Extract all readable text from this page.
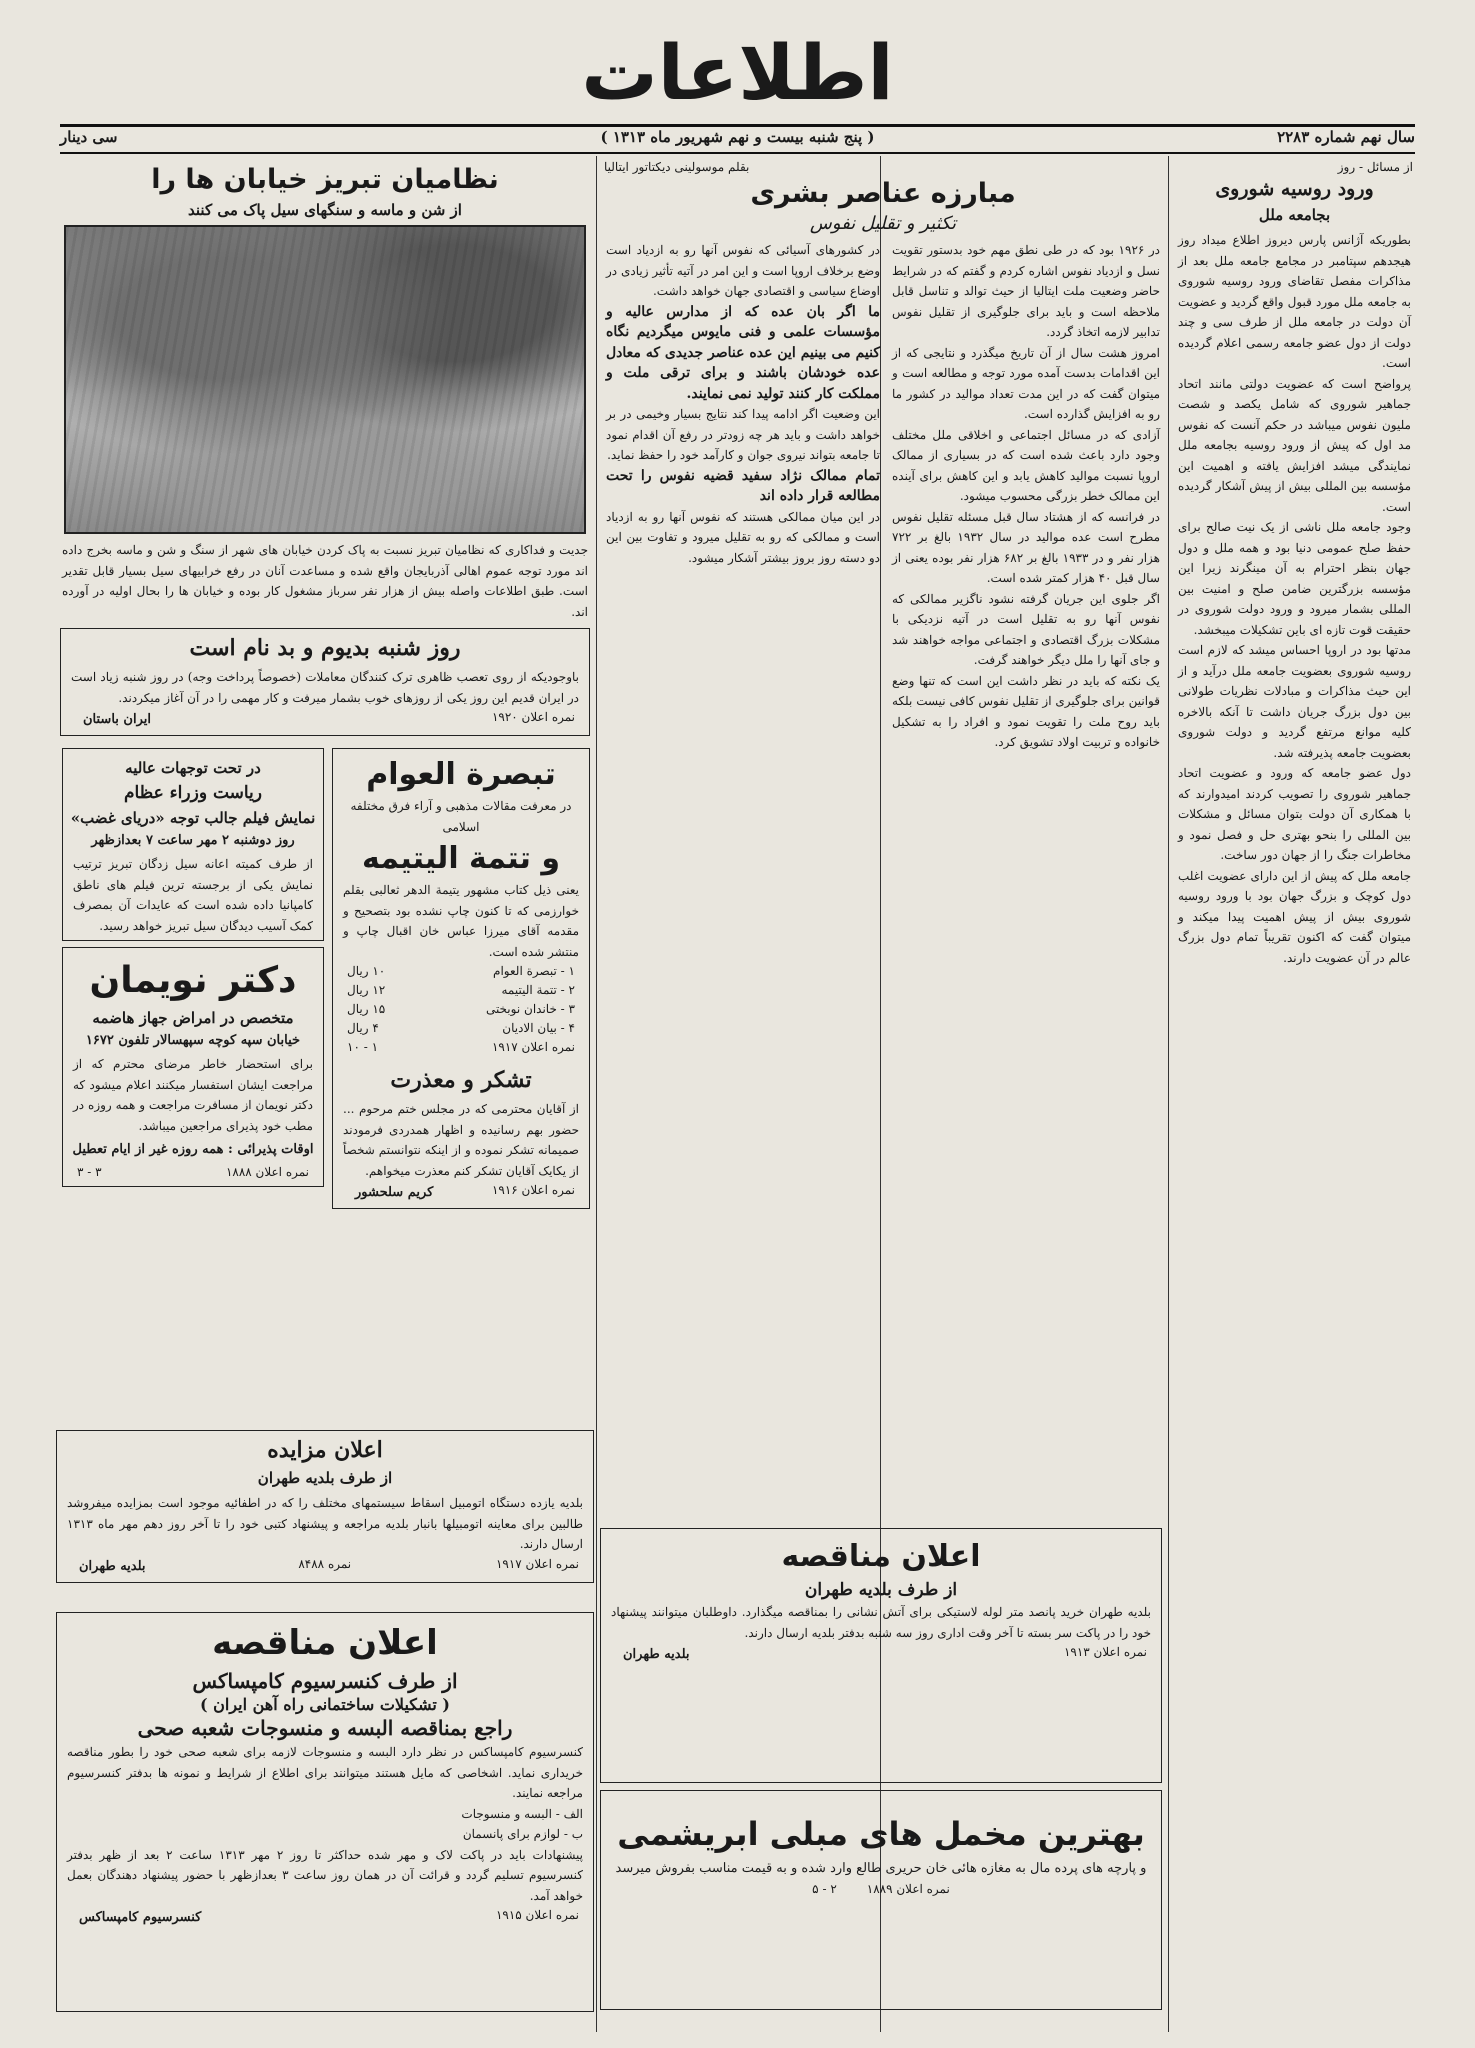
اطلاعات
سال نهم شماره ۲۲۸۳
( پنج شنبه بیست و نهم شهریور ماه ۱۳۱۳ )
سی دینار
از مسائل - روز
ورود روسیه شوروی
بجامعه ملل
بطوریکه آژانس پارس دیروز اطلاع میداد روز هیجدهم سپتامبر در مجامع جامعه ملل بعد از مذاکرات مفصل تقاضای ورود روسیه شوروی به جامعه ملل مورد قبول واقع گردید و عضویت آن دولت در جامعه ملل از طرف سی و چند دولت از دول عضو جامعه رسمی اعلام گردیده است.
پرواضح است که عضویت دولتی مانند اتحاد جماهیر شوروی که شامل یکصد و شصت ملیون نفوس میباشد در حکم آنست که نفوس مد اول که پیش از ورود روسیه بجامعه ملل نمایندگی میشد افزایش یافته و اهمیت این مؤسسه بین المللی بیش از پیش آشکار گردیده است.
وجود جامعه ملل ناشی از یک نیت صالح برای حفظ صلح عمومی دنیا بود و همه ملل و دول جهان بنظر احترام به آن مینگرند زیرا این مؤسسه بزرگترین ضامن صلح و امنیت بین المللی بشمار میرود و ورود دولت شوروی در حقیقت قوت تازه ای باین تشکیلات میبخشد.
مدتها بود در اروپا احساس میشد که لازم است روسیه شوروی بعضویت جامعه ملل درآید و از این حیث مذاکرات و مبادلات نظریات طولانی بین دول بزرگ جریان داشت تا آنکه بالاخره کلیه موانع مرتفع گردید و دولت شوروی بعضویت جامعه پذیرفته شد.
دول عضو جامعه که ورود و عضویت اتحاد جماهیر شوروی را تصویب کردند امیدوارند که با همکاری آن دولت بتوان مسائل و مشکلات بین المللی را بنحو بهتری حل و فصل نمود و مخاطرات جنگ را از جهان دور ساخت.
جامعه ملل که پیش از این دارای عضویت اغلب دول کوچک و بزرگ جهان بود با ورود روسیه شوروی بیش از پیش اهمیت پیدا میکند و میتوان گفت که اکنون تقریباً تمام دول بزرگ عالم در آن عضویت دارند.
بقلم موسولینی دیکتاتور ایتالیا
مبارزه عناصر بشری
تکثیر و تقلیل نفوس
در ۱۹۲۶ بود که در طی نطق مهم خود بدستور تقویت نسل و ازدیاد نفوس اشاره کردم و گفتم که در شرایط حاضر وضعیت ملت ایتالیا از حیث توالد و تناسل قابل ملاحظه است و باید برای جلوگیری از تقلیل نفوس تدابیر لازمه اتخاذ گردد.
امروز هشت سال از آن تاریخ میگذرد و نتایجی که از این اقدامات بدست آمده مورد توجه و مطالعه است و میتوان گفت که در این مدت تعداد موالید در کشور ما رو به افزایش گذارده است.
آزادی که در مسائل اجتماعی و اخلاقی ملل مختلف وجود دارد باعث شده است که در بسیاری از ممالک اروپا نسبت موالید کاهش یابد و این کاهش برای آینده این ممالک خطر بزرگی محسوب میشود.
در فرانسه که از هشتاد سال قبل مسئله تقلیل نفوس مطرح است عده موالید در سال ۱۹۳۲ بالغ بر ۷۲۲ هزار نفر و در ۱۹۳۳ بالغ بر ۶۸۲ هزار نفر بوده یعنی از سال قبل ۴۰ هزار کمتر شده است.
اگر جلوی این جریان گرفته نشود ناگزیر ممالکی که نفوس آنها رو به تقلیل است در آتیه نزدیکی با مشکلات بزرگ اقتصادی و اجتماعی مواجه خواهند شد و جای آنها را ملل دیگر خواهند گرفت.
یک نکته که باید در نظر داشت این است که تنها وضع قوانین برای جلوگیری از تقلیل نفوس کافی نیست بلکه باید روح ملت را تقویت نمود و افراد را به تشکیل خانواده و تربیت اولاد تشویق کرد.
در کشورهای آسیائی که نفوس آنها رو به ازدیاد است وضع برخلاف اروپا است و این امر در آتیه تأثیر زیادی در اوضاع سیاسی و اقتصادی جهان خواهد داشت.
ما اگر بان عده که از مدارس عالیه و مؤسسات علمی و فنی مایوس میگردیم نگاه کنیم می بینیم این عده عناصر جدیدی که معادل عده خودشان باشند و برای ترقی ملت و مملکت کار کنند تولید نمی نمایند.
این وضعیت اگر ادامه پیدا کند نتایج بسیار وخیمی در بر خواهد داشت و باید هر چه زودتر در رفع آن اقدام نمود تا جامعه بتواند نیروی جوان و کارآمد خود را حفظ نماید.
تمام ممالک نژاد سفید قضیه نفوس را تحت مطالعه قرار داده اند
در این میان ممالکی هستند که نفوس آنها رو به ازدیاد است و ممالکی که رو به تقلیل میرود و تفاوت بین این دو دسته روز بروز بیشتر آشکار میشود.
نظامیان تبریز خیابان ها را
از شن و ماسه و سنگهای سیل پاک می کنند
جدیت و فداکاری که نظامیان تبریز نسبت به پاک کردن خیابان های شهر از سنگ و شن و ماسه بخرج داده اند مورد توجه عموم اهالی آذربایجان واقع شده و مساعدت آنان در رفع خرابیهای سیل بسیار قابل تقدیر است. طبق اطلاعات واصله بیش از هزار نفر سرباز مشغول کار بوده و خیابان ها را بحال اولیه در آورده اند.
روز شنبه بدیوم و بد نام است
باوجودیکه از روی تعصب ظاهری ترک کنندگان معاملات (خصوصاً پرداخت وجه) در روز شنبه زیاد است در ایران قدیم این روز یکی از روزهای خوب بشمار میرفت و کار مهمی را در آن آغاز میکردند.
نمره اعلان ۱۹۲۰
ایران باستان
تبصرة العوام
در معرفت مقالات مذهبی و آراء فرق مختلفه اسلامی
و تتمة الیتیمه
یعنی ذیل کتاب مشهور یتیمة الدهر ثعالبی بقلم خوارزمی که تا کنون چاپ نشده بود بتصحیح و مقدمه آقای میرزا عباس خان اقبال چاپ و منتشر شده است.
۱ - تبصرة العوام
۱۰ ریال
۲ - تتمة الیتیمه
۱۲ ریال
۳ - خاندان نوبختی
۱۵ ریال
۴ - بیان الادیان
۴ ریال
نمره اعلان ۱۹۱۷
۱ - ۱۰
تشکر و معذرت
از آقایان محترمی که در مجلس ختم مرحوم ... حضور بهم رسانیده و اظهار همدردی فرمودند صمیمانه تشکر نموده و از اینکه نتوانستم شخصاً از یکایک آقایان تشکر کنم معذرت میخواهم.
نمره اعلان ۱۹۱۶
کریم سلحشور
در تحت توجهات عالیه
ریاست وزراء عظام
نمایش فیلم جالب توجه «دریای غضب»
روز دوشنبه ۲ مهر ساعت ۷ بعدازظهر
از طرف کمیته اعانه سیل زدگان تبریز ترتیب نمایش یکی از برجسته ترین فیلم های ناطق کامپانیا داده شده است که عایدات آن بمصرف کمک آسیب دیدگان سیل تبریز خواهد رسید.
دکتر نویمان
متخصص در امراض جهاز هاضمه
خیابان سپه کوچه سپهسالار تلفون ۱۶۷۲
برای استحضار خاطر مرضای محترم که از مراجعت ایشان استفسار میکنند اعلام میشود که دکتر نویمان از مسافرت مراجعت و همه روزه در مطب خود پذیرای مراجعین میباشد.
اوقات پذیرائی : همه روزه غیر از ایام تعطیل
نمره اعلان ۱۸۸۸
۳ - ۳
اعلان مزایده
از طرف بلدیه طهران
بلدیه یازده دستگاه اتومبیل اسقاط سیستمهای مختلف را که در اطفائیه موجود است بمزایده میفروشد طالبین برای معاینه اتومبیلها بانبار بلدیه مراجعه و پیشنهاد کتبی خود را تا آخر روز دهم مهر ماه ۱۳۱۳ ارسال دارند.
نمره اعلان ۱۹۱۷
نمره ۸۴۸۸
بلدیه طهران
اعلان مناقصه
از طرف کنسرسیوم کامپساکس
( تشکیلات ساختمانی راه آهن ایران )
راجع بمناقصه البسه و منسوجات شعبه صحی
کنسرسیوم کامپساکس در نظر دارد البسه و منسوجات لازمه برای شعبه صحی خود را بطور مناقصه خریداری نماید. اشخاصی که مایل هستند میتوانند برای اطلاع از شرایط و نمونه ها بدفتر کنسرسیوم مراجعه نمایند.
الف - البسه و منسوجات
ب - لوازم برای پانسمان
پیشنهادات باید در پاکت لاک و مهر شده حداکثر تا روز ۲ مهر ۱۳۱۳ ساعت ۲ بعد از ظهر بدفتر کنسرسیوم تسلیم گردد و قرائت آن در همان روز ساعت ۳ بعدازظهر با حضور پیشنهاد دهندگان بعمل خواهد آمد.
نمره اعلان ۱۹۱۵
کنسرسیوم کامپساکس
اعلان مناقصه
از طرف بلدیه طهران
بلدیه طهران خرید پانصد متر لوله لاستیکی برای آتش نشانی را بمناقصه میگذارد. داوطلبان میتوانند پیشنهاد خود را در پاکت سر بسته تا آخر وقت اداری روز سه شنبه بدفتر بلدیه ارسال دارند.
نمره اعلان ۱۹۱۳
بلدیه طهران
بهترین مخمل های مبلی ابریشمی
و پارچه های پرده مال به مغازه هائی خان حریری طالع وارد شده و به قیمت مناسب بفروش میرسد
نمره اعلان ۱۸۸۹
۲ - ۵
